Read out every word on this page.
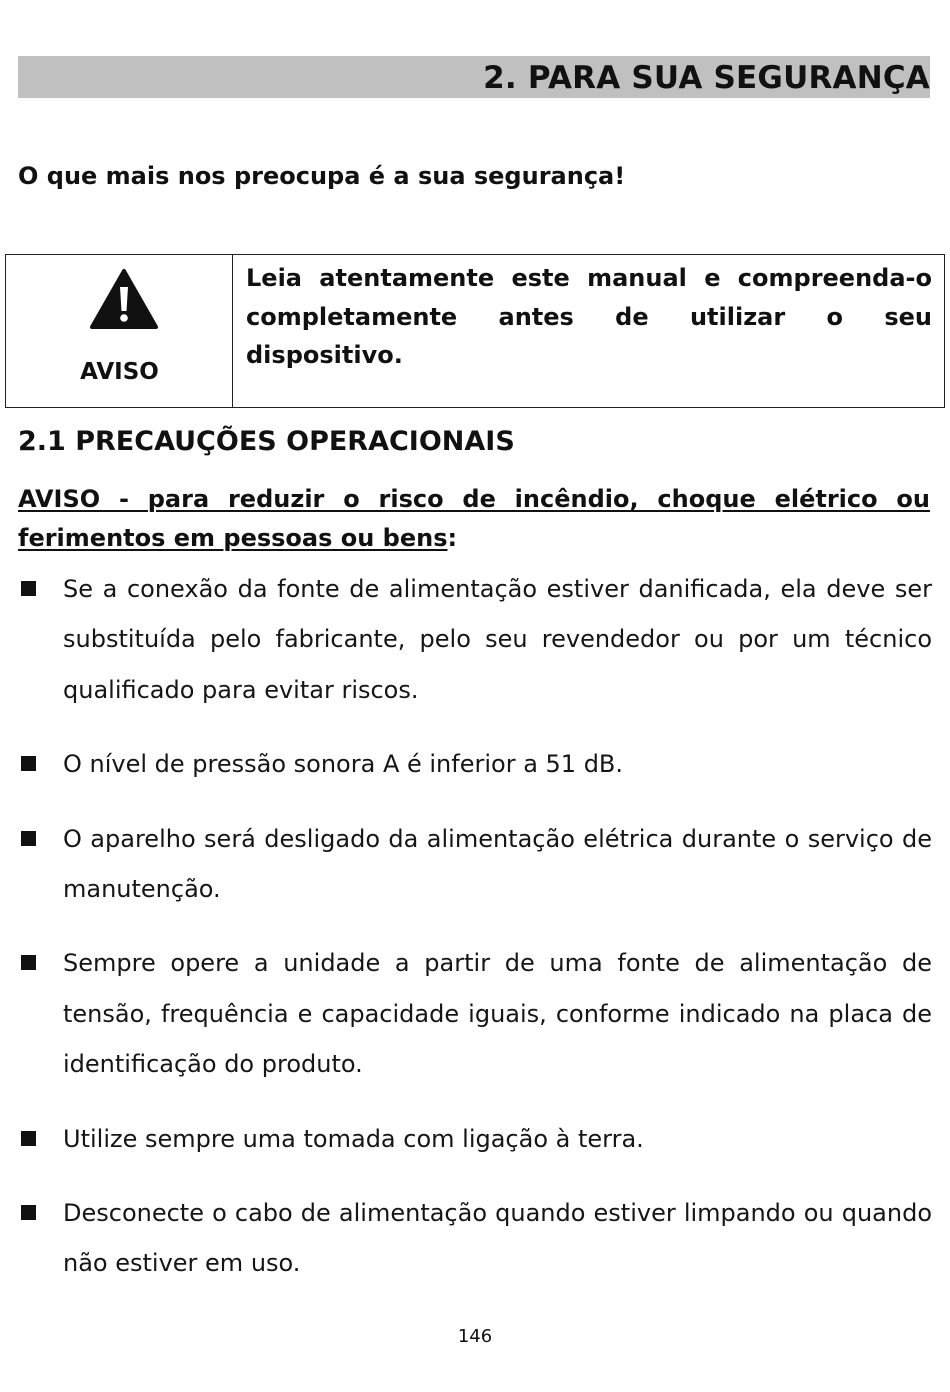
2. PARA SUA SEGURANÇA

O que mais nos preocupa é a sua segurança!

AVISO
Leia atentamente este manual e compreenda-o completamente antes de utilizar o seu dispositivo.
2.1 PRECAUÇÕES OPERACIONAIS

AVISO - para reduzir o risco de incêndio, choque elétrico ou ferimentos em pessoas ou bens:

Se a conexão da fonte de alimentação estiver danificada, ela deve ser substituída pelo fabricante, pelo seu revendedor ou por um técnico qualificado para evitar riscos.
O nível de pressão sonora A é inferior a 51 dB.
O aparelho será desligado da alimentação elétrica durante o serviço de manutenção.
Sempre opere a unidade a partir de uma fonte de alimentação de tensão, frequência e capacidade iguais, conforme indicado na placa de identificação do produto.
Utilize sempre uma tomada com ligação à terra.
Desconecte o cabo de alimentação quando estiver limpando ou quando não estiver em uso.
146
